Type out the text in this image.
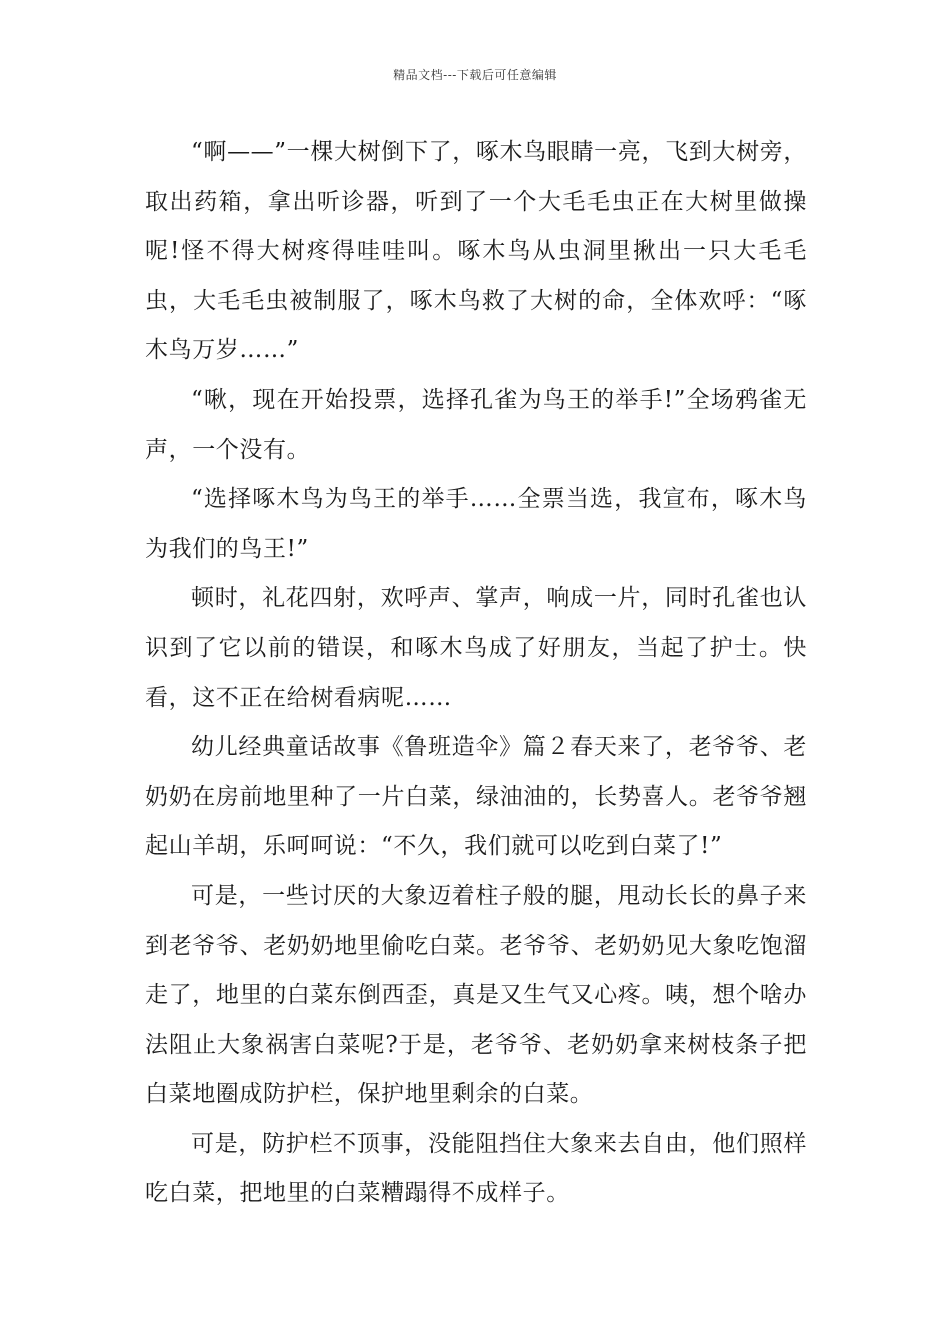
精品文档---下载后可任意编辑

“啊——”一棵大树倒下了，啄木鸟眼睛一亮，飞到大树旁，取出药箱，拿出听诊器，听到了一个大毛毛虫正在大树里做操呢!怪不得大树疼得哇哇叫。啄木鸟从虫洞里揪出一只大毛毛虫，大毛毛虫被制服了，啄木鸟救了大树的命，全体欢呼：“啄木鸟万岁……”

“啾，现在开始投票，选择孔雀为鸟王的举手!”全场鸦雀无声，一个没有。

“选择啄木鸟为鸟王的举手……全票当选，我宣布，啄木鸟为我们的鸟王!”

顿时，礼花四射，欢呼声、掌声，响成一片，同时孔雀也认识到了它以前的错误，和啄木鸟成了好朋友，当起了护士。快看，这不正在给树看病呢……

幼儿经典童话故事《鲁班造伞》篇２春天来了，老爷爷、老奶奶在房前地里种了一片白菜，绿油油的，长势喜人。老爷爷翘起山羊胡，乐呵呵说：“不久，我们就可以吃到白菜了!”

可是，一些讨厌的大象迈着柱子般的腿，甩动长长的鼻子来到老爷爷、老奶奶地里偷吃白菜。老爷爷、老奶奶见大象吃饱溜走了，地里的白菜东倒西歪，真是又生气又心疼。咦，想个啥办法阻止大象祸害白菜呢?于是，老爷爷、老奶奶拿来树枝条子把白菜地圈成防护栏，保护地里剩余的白菜。

可是，防护栏不顶事，没能阻挡住大象来去自由，他们照样吃白菜，把地里的白菜糟蹋得不成样子。
